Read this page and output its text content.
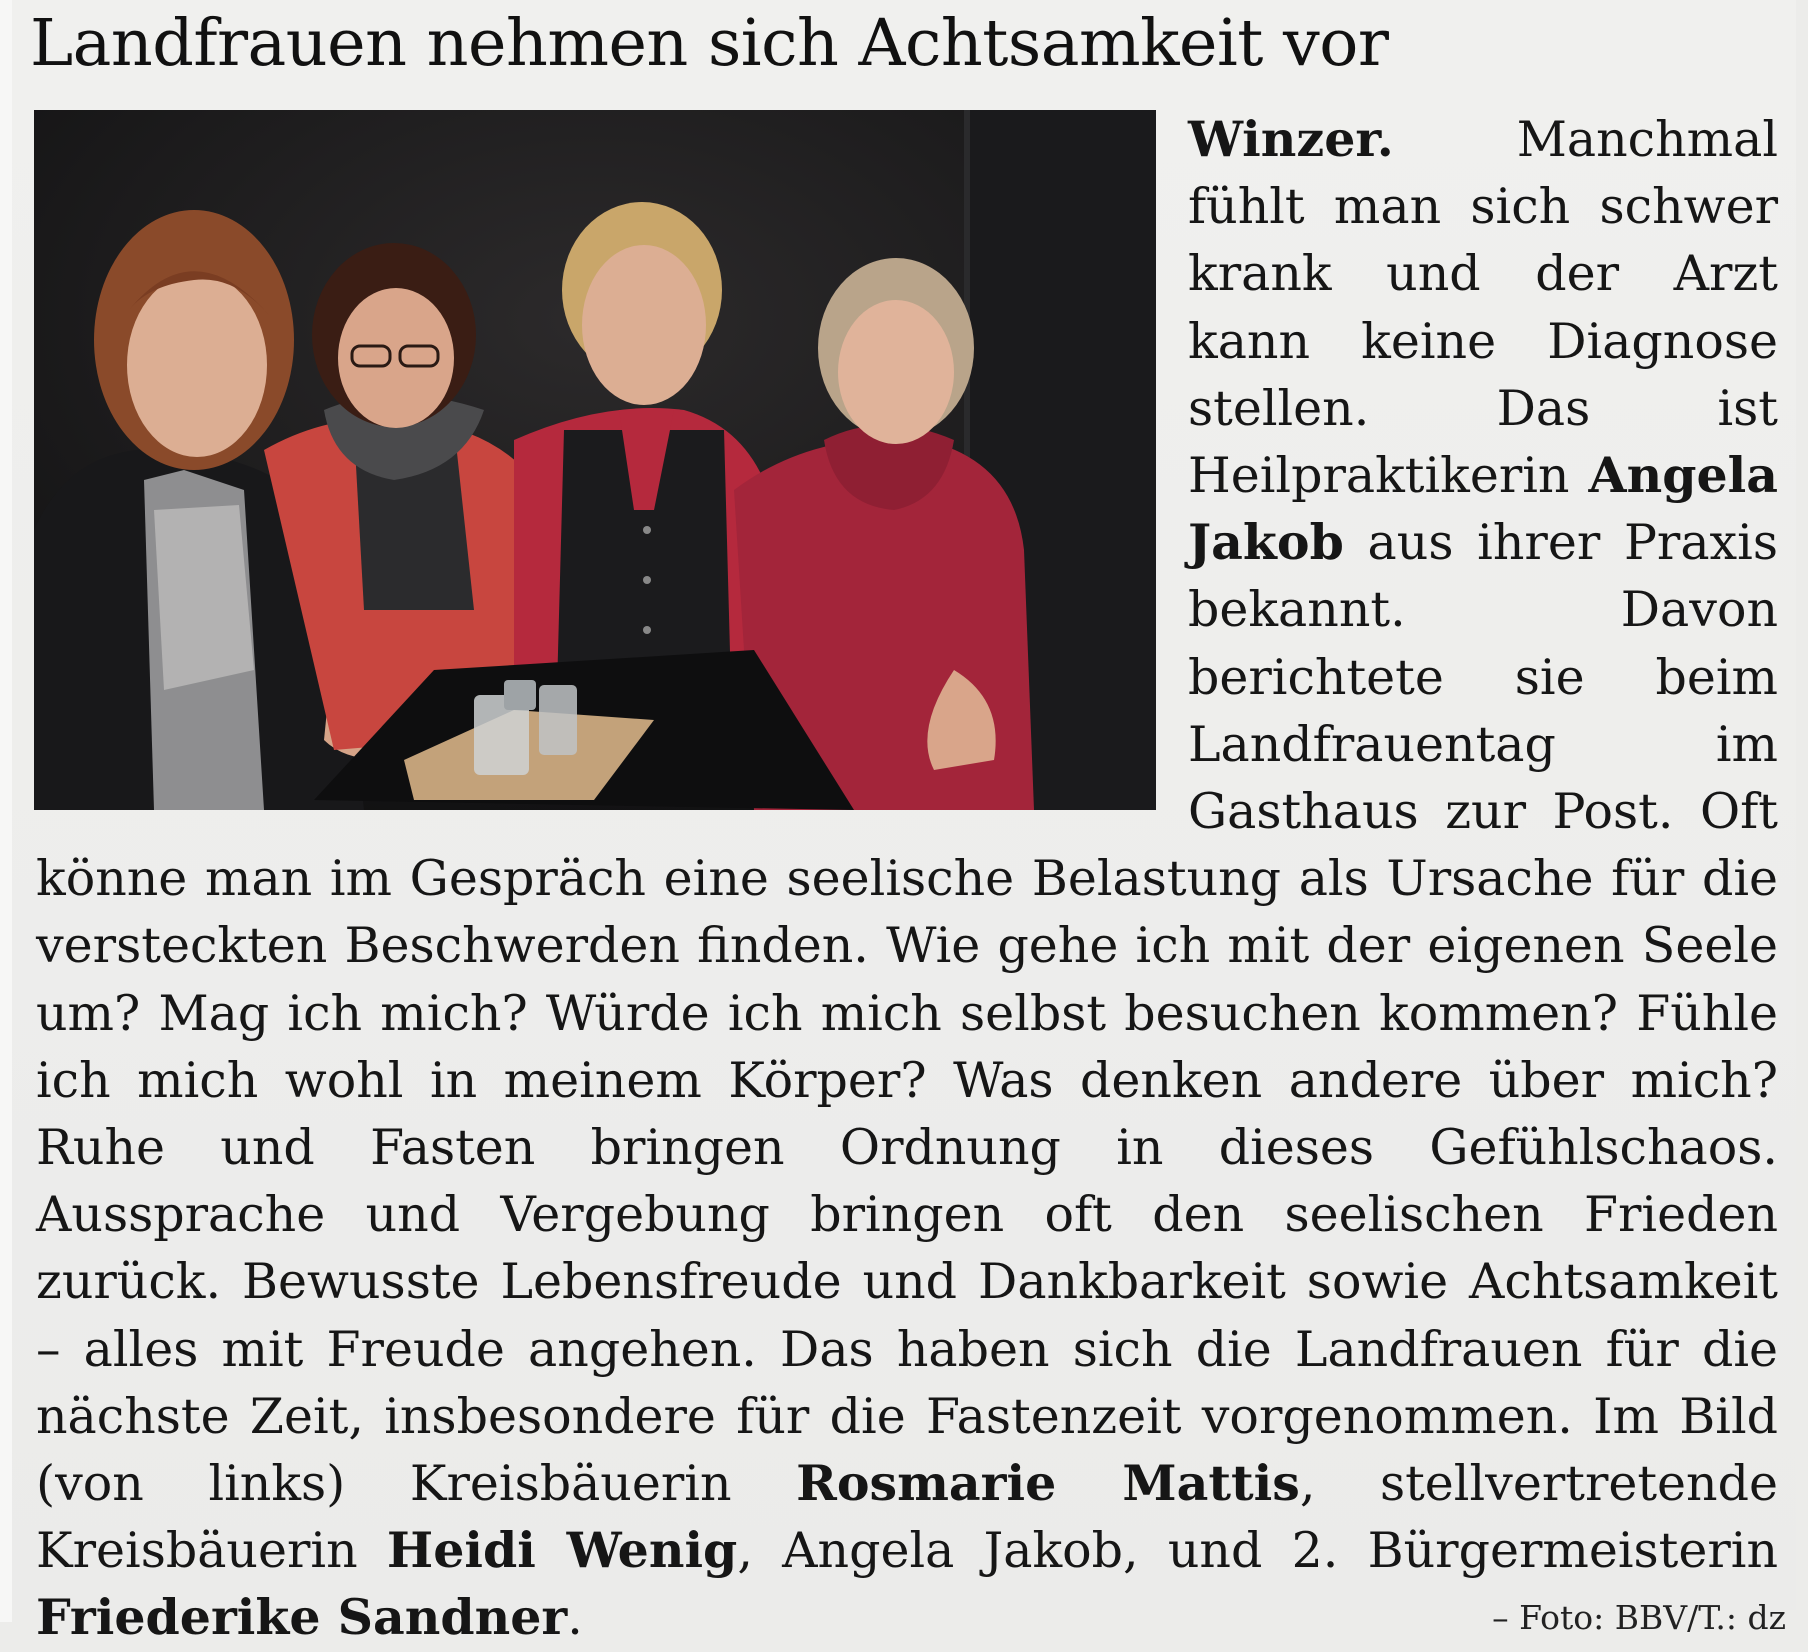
Landfrauen nehmen sich Achtsamkeit vor

Winzer. Manchmal fühlt man sich schwer krank und der Arzt kann keine Diagnose stellen. Das ist Heilpraktikerin Angela Jakob aus ihrer Praxis bekannt. Davon berichtete sie beim Landfrauentag im Gasthaus zur Post. Oft könne man im Gespräch eine seelische Belastung als Ursache für die versteckten Beschwerden finden. Wie gehe ich mit der eigenen Seele um? Mag ich mich? Würde ich mich selbst besuchen kommen? Fühle ich mich wohl in meinem Körper? Was denken andere über mich? Ruhe und Fasten bringen Ordnung in dieses Gefühlschaos. Aussprache und Vergebung bringen oft den seelischen Frieden zurück. Bewusste Lebensfreude und Dankbarkeit sowie Achtsamkeit – alles mit Freude angehen. Das haben sich die Landfrauen für die nächste Zeit, insbesondere für die Fastenzeit vorgenommen. Im Bild (von links) Kreisbäuerin Rosmarie Mattis, stellvertretende Kreisbäuerin Heidi Wenig, Angela Jakob, und 2. Bürgermeisterin Friederike Sandner.	– Foto: BBV/T.: dz
